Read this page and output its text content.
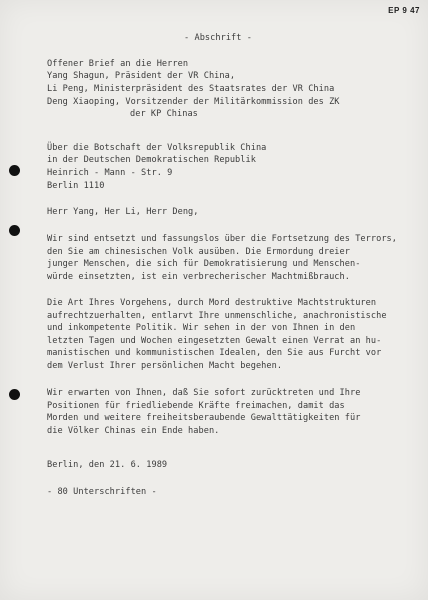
EP 9 47
- Abschrift -
Offener Brief an die Herren
Yang Shagun, Präsident der VR China,
Li Peng, Ministerpräsident des Staatsrates der VR China
Deng Xiaoping, Vorsitzender der Militärkommission des ZK
der KP Chinas
Über die Botschaft der Volksrepublik China
in der Deutschen Demokratischen Republik
Heinrich - Mann - Str. 9
Berlin 1110
Herr Yang, Her Li, Herr Deng,
Wir sind entsetzt und fassungslos über die Fortsetzung des Terrors,
den Sie am chinesischen Volk ausüben. Die Ermordung dreier
junger Menschen, die sich für Demokratisierung und Menschen-
würde einsetzten, ist ein verbrecherischer Machtmißbrauch.
Die Art Ihres Vorgehens, durch Mord destruktive Machtstrukturen
aufrechtzuerhalten, entlarvt Ihre unmenschliche, anachronistische
und inkompetente Politik. Wir sehen in der von Ihnen in den
letzten Tagen und Wochen eingesetzten Gewalt einen Verrat an hu-
manistischen und kommunistischen Idealen, den Sie aus Furcht vor
dem Verlust Ihrer persönlichen Macht begehen.
Wir erwarten von Ihnen, daß Sie sofort zurücktreten und Ihre
Positionen für friedliebende Kräfte freimachen, damit das
Morden und weitere freiheitsberaubende Gewalttätigkeiten für
die Völker Chinas ein Ende haben.
Berlin, den 21. 6. 1989
- 80 Unterschriften -
